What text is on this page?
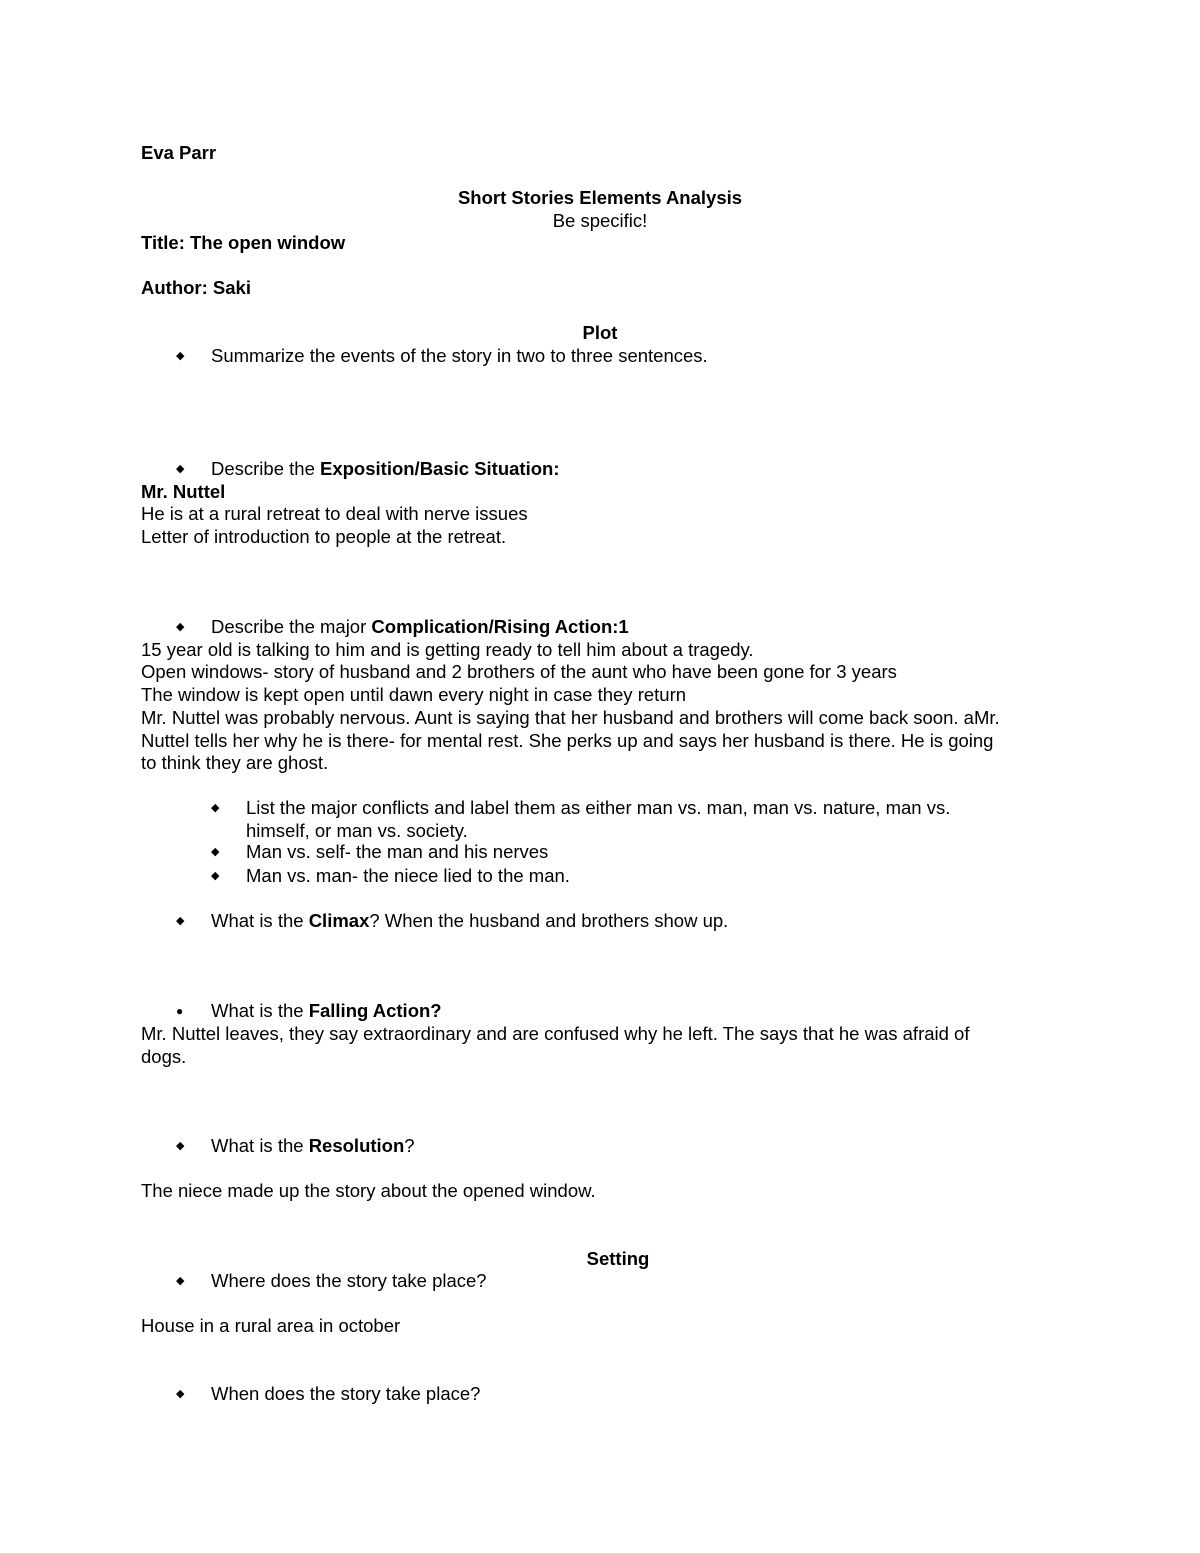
Eva Parr
Short Stories Elements Analysis
Be specific!
Title: The open window
Author: Saki
Plot
◆ Summarize the events of the story in two to three sentences.
◆ Describe the Exposition/Basic Situation:
Mr. Nuttel
He is at a rural retreat to deal with nerve issues
Letter of introduction to people at the retreat.
◆ Describe the major Complication/Rising Action:1
15 year old is talking to him and is getting ready to tell him about a tragedy.
Open windows- story of husband and 2 brothers of the aunt who have been gone for 3 years
The window is kept open until dawn every night in case they return
Mr. Nuttel was probably nervous. Aunt is saying that her husband and brothers will come back soon. aMr.
Nuttel tells her why he is there- for mental rest. She perks up and says her husband is there. He is going
to think they are ghost.
◆ List the major conflicts and label them as either man vs. man, man vs. nature, man vs.
himself, or man vs. society.
◆ Man vs. self- the man and his nerves
◆ Man vs. man- the niece lied to the man.
◆ What is the Climax? When the husband and brothers show up.
● What is the Falling Action?
Mr. Nuttel leaves, they say extraordinary and are confused why he left. The says that he was afraid of
dogs.
◆ What is the Resolution?
The niece made up the story about the opened window.
Setting
◆ Where does the story take place?
House in a rural area in october
◆ When does the story take place?
